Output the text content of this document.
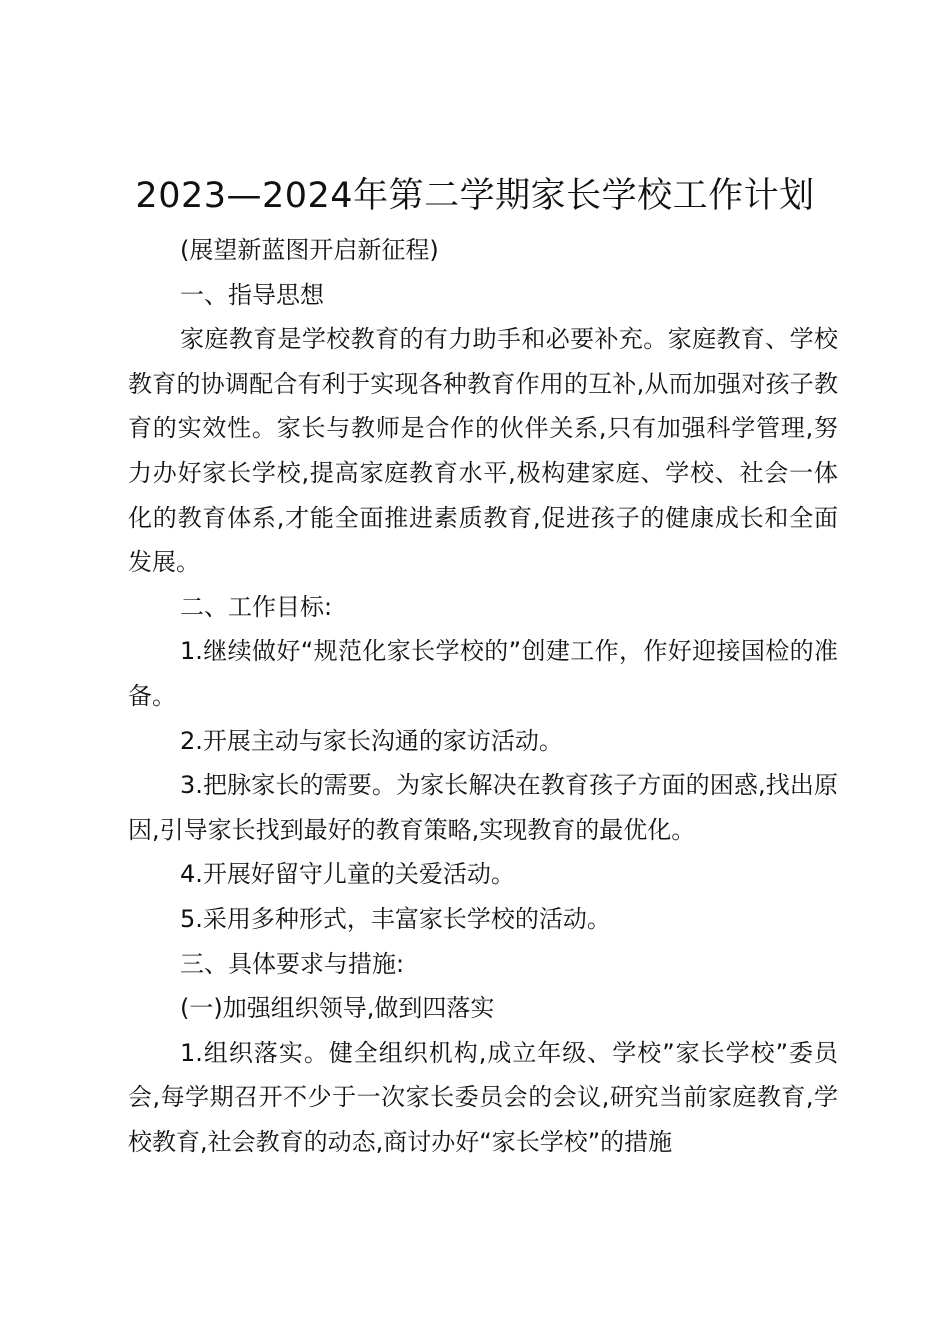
2023—2024年第二学期家长学校工作计划

(展望新蓝图开启新征程)

一、指导思想

家庭教育是学校教育的有力助手和必要补充。家庭教育、学校教育的协调配合有利于实现各种教育作用的互补,从而加强对孩子教育的实效性。家长与教师是合作的伙伴关系,只有加强科学管理,努力办好家长学校,提高家庭教育水平,极构建家庭、学校、社会一体化的教育体系,才能全面推进素质教育,促进孩子的健康成长和全面发展。

二、工作目标:

1.继续做好“规范化家长学校的”创建工作，作好迎接国检的准备。

2.开展主动与家长沟通的家访活动。

3.把脉家长的需要。为家长解决在教育孩子方面的困惑,找出原因,引导家长找到最好的教育策略,实现教育的最优化。

4.开展好留守儿童的关爱活动。

5.采用多种形式，丰富家长学校的活动。

三、具体要求与措施:

(一)加强组织领导,做到四落实

1.组织落实。健全组织机构,成立年级、学校”家长学校”委员会,每学期召开不少于一次家长委员会的会议,研究当前家庭教育,学校教育,社会教育的动态,商讨办好“家长学校”的措施
